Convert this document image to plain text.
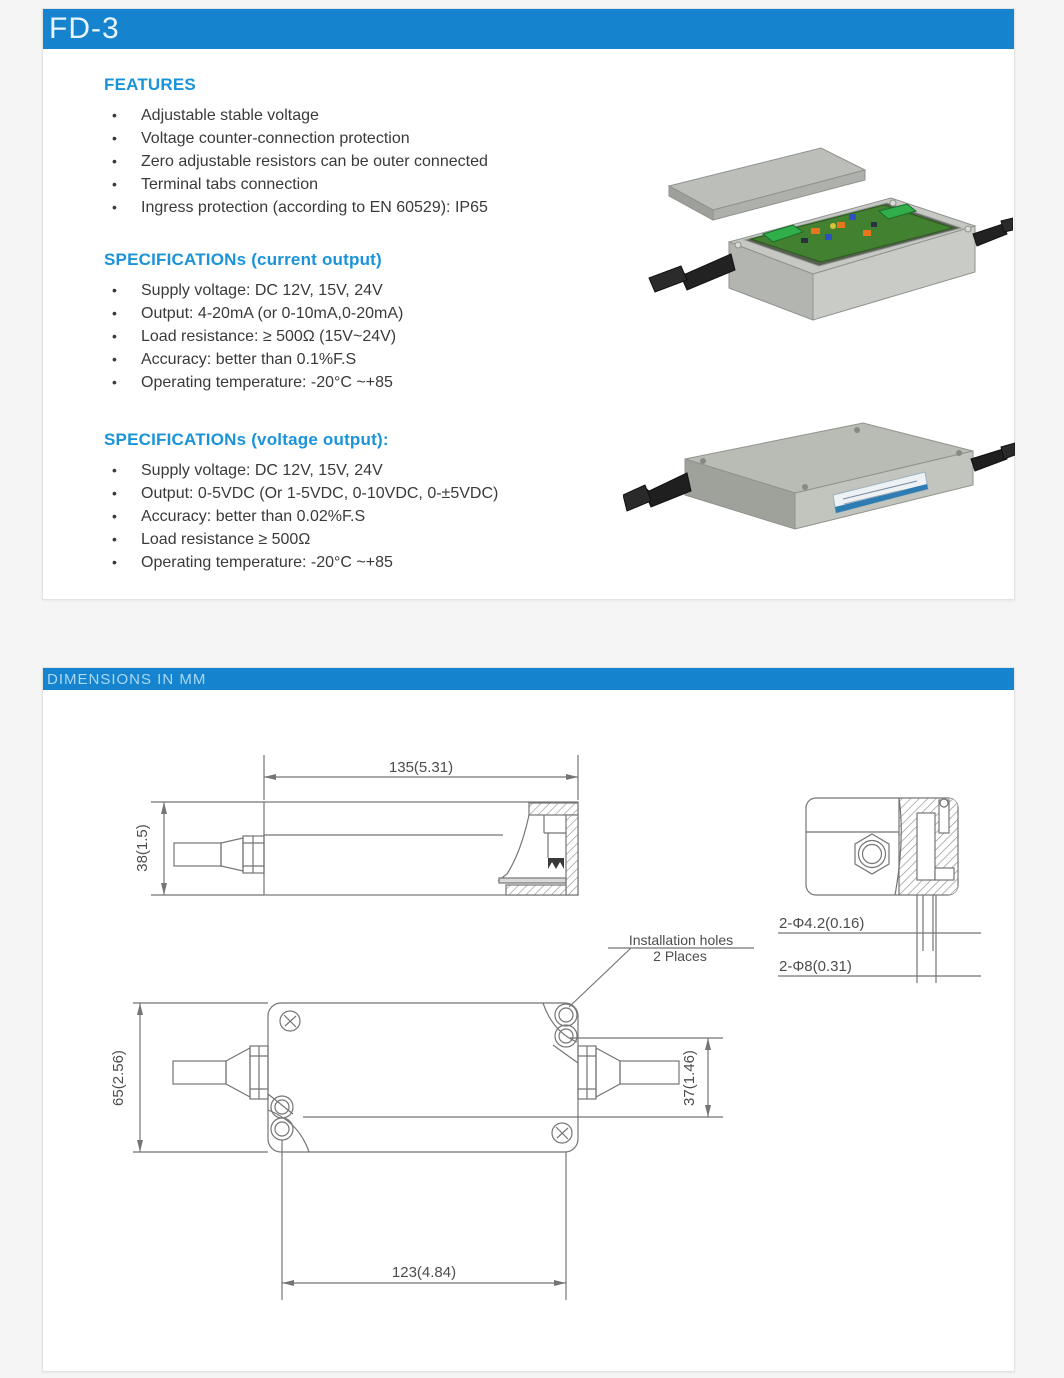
FD-3
FEATURES
• Adjustable stable voltage
• Voltage counter-connection protection
• Zero adjustable resistors can be outer connected
• Terminal tabs connection
• Ingress protection (according to EN 60529): IP65
SPECIFICATIONs (current output)
• Supply voltage: DC 12V, 15V, 24V
• Output: 4-20mA (or 0-10mA,0-20mA)
• Load resistance: ≥ 500Ω (15V~24V)
• Accuracy: better than 0.1%F.S
• Operating temperature: -20°C ~+85
SPECIFICATIONs (voltage output):
• Supply voltage: DC 12V, 15V, 24V
• Output: 0-5VDC (Or 1-5VDC, 0-10VDC, 0-±5VDC)
• Accuracy: better than 0.02%F.S
• Load resistance ≥ 500Ω
• Operating temperature: -20°C ~+85
DIMENSIONS IN MM
135(5.31)
38(1.5)
65(2.56)	37(1.46)
123(4.84)
Installation holes
2 Places
2-Φ4.2(0.16)
2-Φ8(0.31)
